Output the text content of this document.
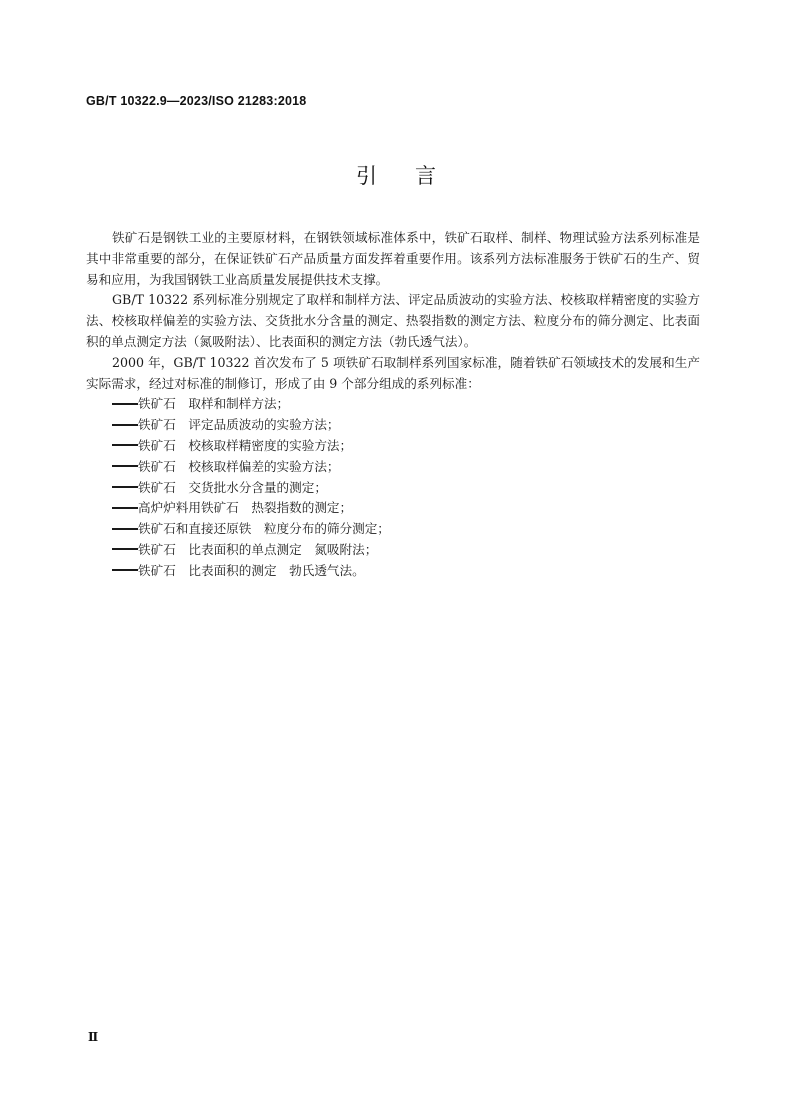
GB/T 10322.9—2023/ISO 21283:2018
引言

铁矿石是钢铁工业的主要原材料，在钢铁领域标准体系中，铁矿石取样、制样、物理试验方法系列标准是其中非常重要的部分，在保证铁矿石产品质量方面发挥着重要作用。该系列方法标准服务于铁矿石的生产、贸易和应用，为我国钢铁工业高质量发展提供技术支撑。

GB/T 10322 系列标准分别规定了取样和制样方法、评定品质波动的实验方法、校核取样精密度的实验方法、校核取样偏差的实验方法、交货批水分含量的测定、热裂指数的测定方法、粒度分布的筛分测定、比表面积的单点测定方法（氮吸附法）、比表面积的测定方法（勃氏透气法）。

2000 年，GB/T 10322 首次发布了 5 项铁矿石取制样系列国家标准，随着铁矿石领域技术的发展和生产实际需求，经过对标准的制修订，形成了由 9 个部分组成的系列标准：

铁矿石　取样和制样方法；
铁矿石　评定品质波动的实验方法；
铁矿石　校核取样精密度的实验方法；
铁矿石　校核取样偏差的实验方法；
铁矿石　交货批水分含量的测定；
高炉炉料用铁矿石　热裂指数的测定；
铁矿石和直接还原铁　粒度分布的筛分测定；
铁矿石　比表面积的单点测定　氮吸附法；
铁矿石　比表面积的测定　勃氏透气法。
Ⅱ
